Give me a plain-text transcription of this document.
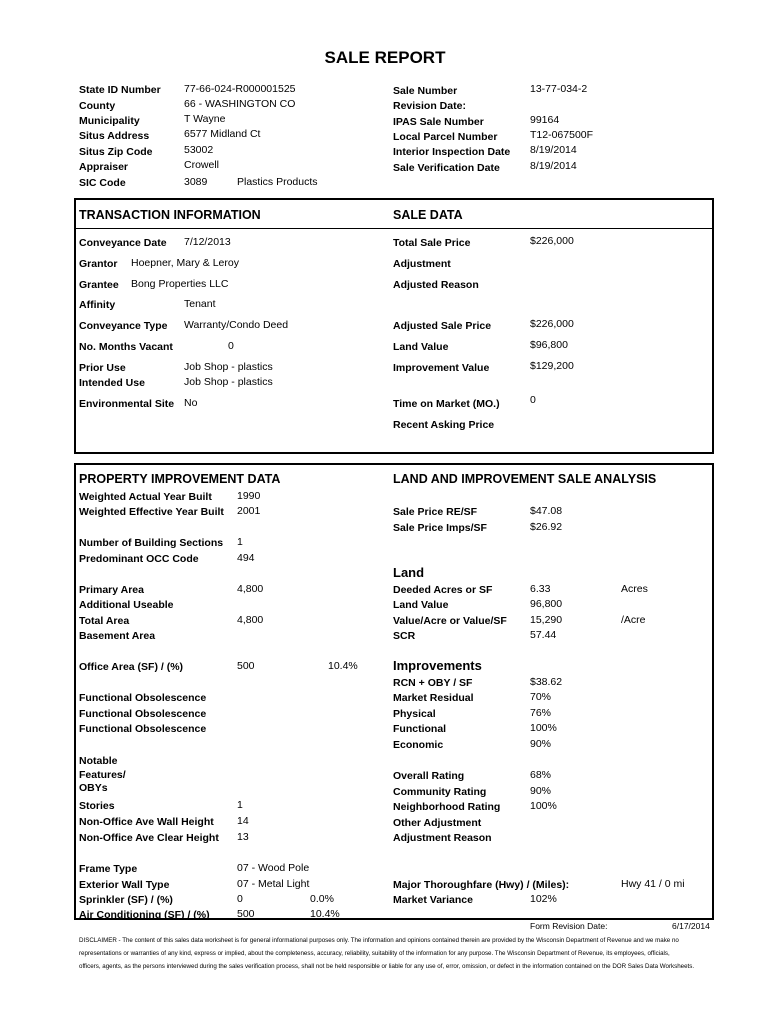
SALE REPORT
State ID Number 77-66-024-R000001525
County	66 - WASHINGTON CO
Municipality	T Wayne
Situs Address	6577 Midland Ct
Situs Zip Code	53002
Appraiser	Crowell
SIC Code	3089	Plastics Products
Sale Number	13-77-034-2
Revision Date:
IPAS Sale Number	99164
Local Parcel Number	T12-067500F
Interior Inspection Date 8/19/2014
Sale Verification Date	8/19/2014
TRANSACTION INFORMATION	SALE DATA
Conveyance Date 7/12/2013
Grantor Hoepner, Mary & Leroy
Grantee Bong Properties LLC
Affinity	Tenant
Conveyance Type Warranty/Condo Deed
No. Months Vacant	0
Prior Use	Job Shop - plastics
Intended Use	Job Shop - plastics
Environmental Site No
Total Sale Price	$226,000
Adjustment
Adjusted Reason
Adjusted Sale Price	$226,000
Land Value	$96,800
Improvement Value	$129,200
Time on Market (MO.)	0
Recent Asking Price
PROPERTY IMPROVEMENT DATA	LAND AND IMPROVEMENT SALE ANALYSIS
Weighted Actual Year Built 1990
Weighted Effective Year Built 2001
Number of Building Sections 1
Predominant OCC Code	494
Primary Area	4,800
Additional Useable
Total Area	4,800
Basement Area
Office Area (SF) / (%)	500	10.4%
Functional Obsolescence
Functional Obsolescence
Functional Obsolescence
Notable
Features/
OBYs
Stories	1
Non-Office Ave Wall Height 14
Non-Office Ave Clear Height 13
Frame Type	07 - Wood Pole
Exterior Wall Type	07 - Metal Light
Sprinkler (SF) / (%)	0	0.0%
Air Conditioning (SF) / (%)	500	10.4%
Sale Price RE/SF	$47.08
Sale Price Imps/SF	$26.92
Land
Deeded Acres or SF	6.33	Acres
Land Value	96,800
Value/Acre or Value/SF 15,290	/Acre
SCR	57.44
Improvements
RCN + OBY / SF	$38.62
Market Residual	70%
Physical	76%
Functional	100%
Economic	90%
Overall Rating	68%
Community Rating	90%
Neighborhood Rating	100%
Other Adjustment
Adjustment Reason
Major Thoroughfare (Hwy) / (Miles):	Hwy 41 / 0 mi
Market Variance	102%
Form Revision Date:	6/17/2014
DISCLAIMER - The content of this sales data worksheet is for general informational purposes only. The information and opinions contained therein are provided by the Wisconsin Department of Revenue and we make no
representations or warranties of any kind, express or implied, about the completeness, accuracy, reliability, suitability of the information for any purpose. The Wisconsin Department of Revenue, its employees, officials,
officers, agents, as the persons interviewed during the sales verification process, shall not be held responsible or liable for any use of, error, omission, or defect in the information contained on the DOR Sales Data Worksheets.
